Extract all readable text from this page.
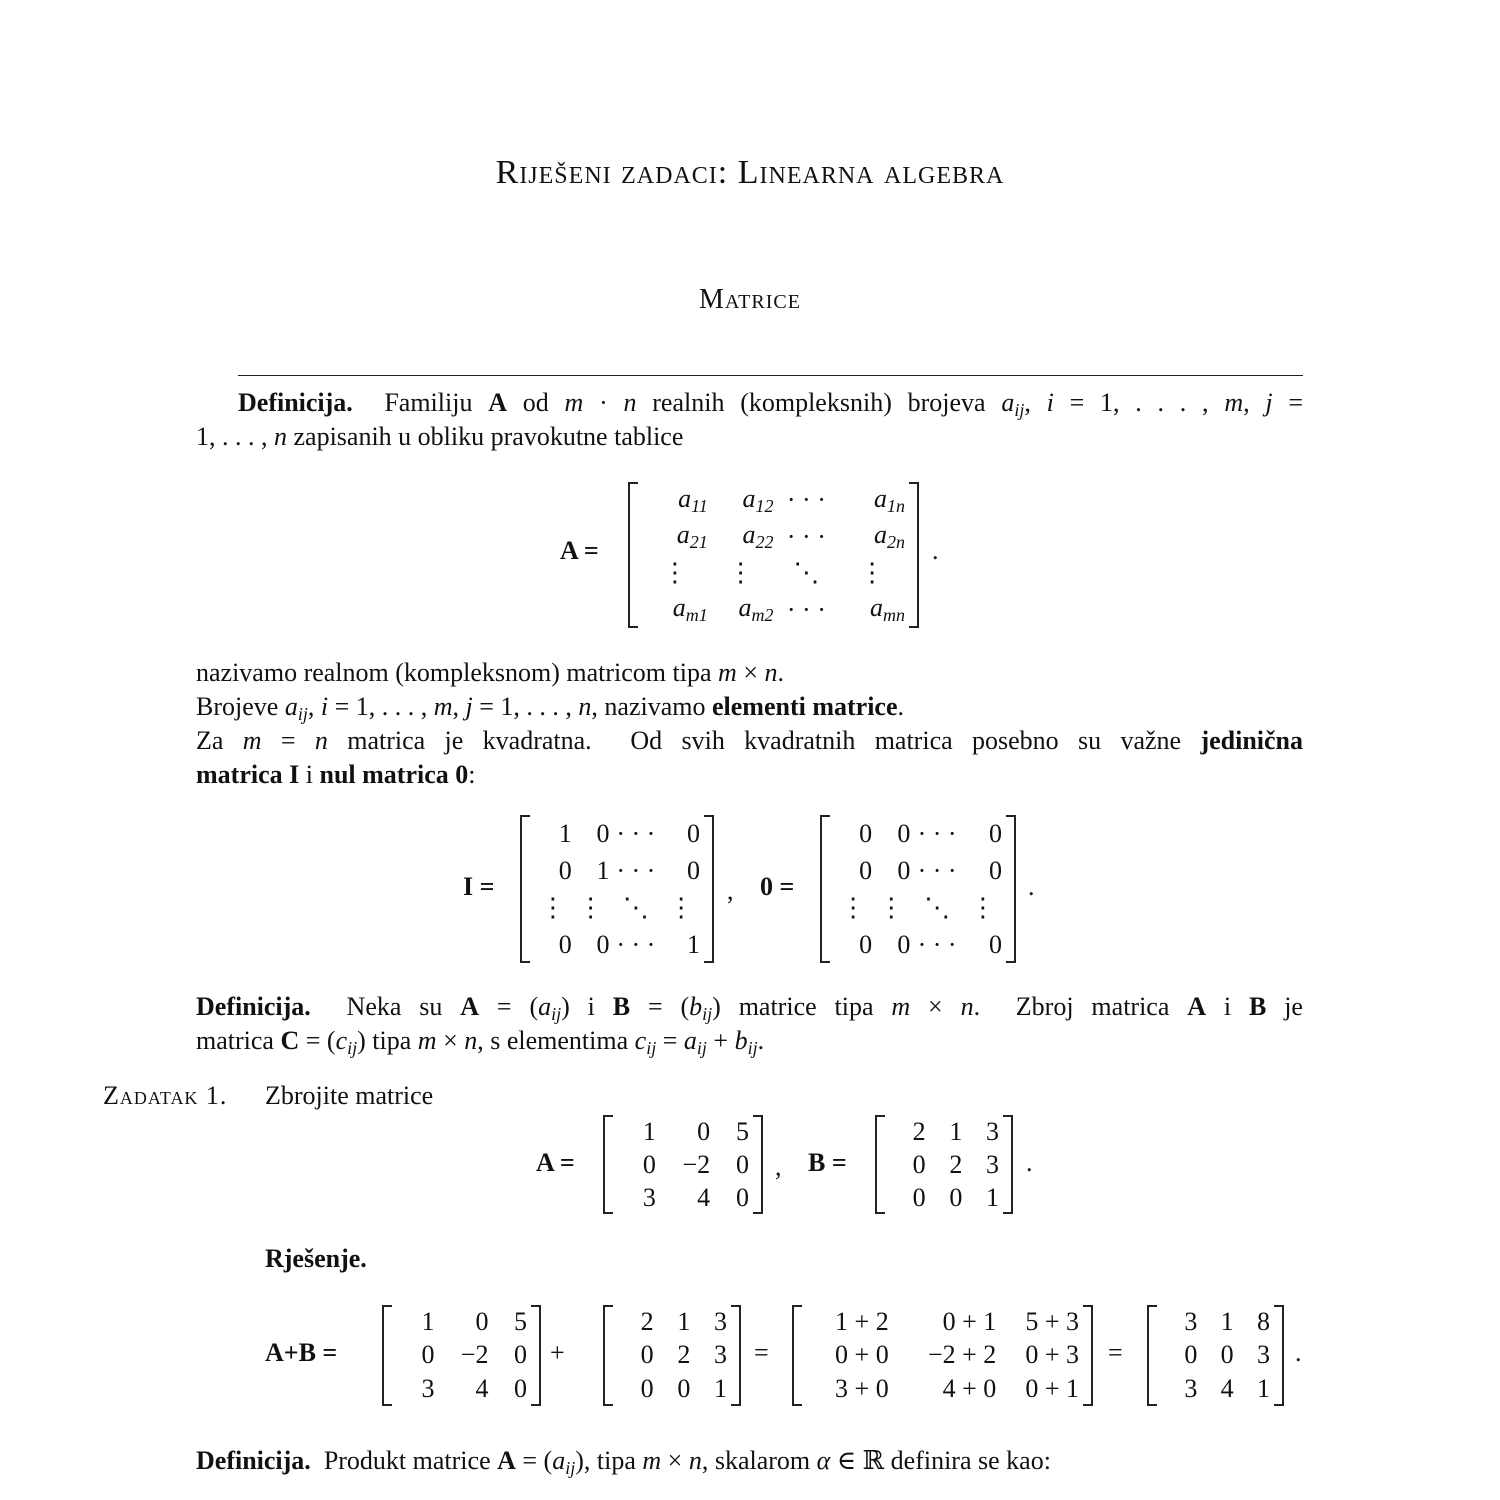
Riješeni zadaci: Linearna algebra
Matrice
Definicija.  Familiju A od m · n realnih (kompleksnih) brojeva aij, i = 1, . . . , m, j =
1, . . . , n zapisanih u obliku pravokutne tablice
A =
a11	a12 · · ·	a1n
a21	a22 · · ·	a2n
⋮	⋮	⋱	⋮
am1	am2 · · ·	amn
.
nazivamo realnom (kompleksnom) matricom tipa m × n.
Brojeve aij, i = 1, . . . , m, j = 1, . . . , n, nazivamo elementi matrice.
Za m = n matrica je kvadratna.  Od svih kvadratnih matrica posebno su važne jedinična
matrica I i nul matrica 0:
I =
1 0 · · ·	0
0 1 · · ·	0
⋮ ⋮ ⋱ ⋮
0 0 · · ·	1
, 0 =
0 0 · · ·	0
0 0 · · ·	0
⋮ ⋮ ⋱ ⋮
0 0 · · ·	0
.
Definicija.  Neka su A = (aij) i B = (bij) matrice tipa m × n.  Zbroj matrica A i B je
matrica C = (cij) tipa m × n, s elementima cij = aij + bij.
Zadatak 1. Zbrojite matrice
A =
1	0 5
0	−2 0
3	4 0
, B =
2 1 3
0 2 3
0 0 1
.
Rješenje.
A+B =
1	0 5
0	−2 0
3	4 0
+
2 1 3
0 2 3
0 0 1
=
1 + 2	0 + 1	5 + 3
0 + 0	−2 + 2	0 + 3
3 + 0	4 + 0	0 + 1
=
3 1 8
0 0 3
3 4 1
.
Definicija.  Produkt matrice A = (aij), tipa m × n, skalarom α ∈ ℝ definira se kao:
